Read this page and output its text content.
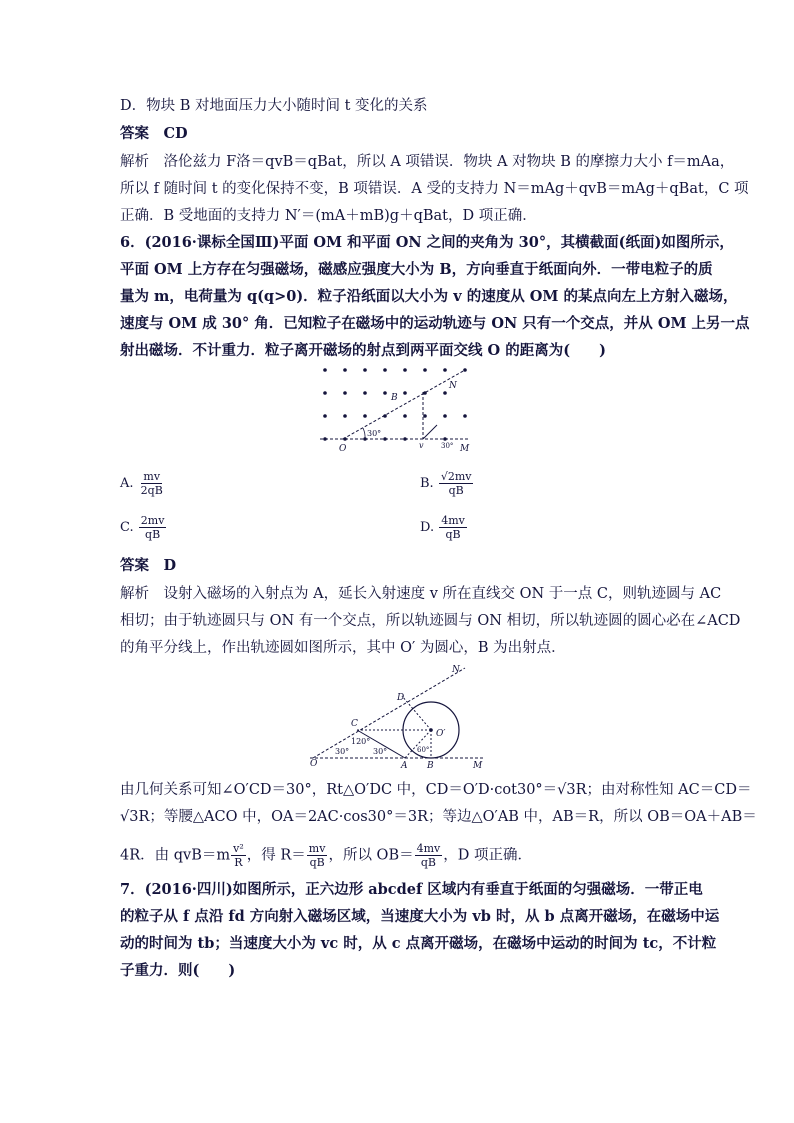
D．物块 B 对地面压力大小随时间 t 变化的关系
答案　CD
解析　洛伦兹力 F洛＝qvB＝qBat，所以 A 项错误．物块 A 对物块 B 的摩擦力大小 f＝mAa，
所以 f 随时间 t 的变化保持不变，B 项错误．A 受的支持力 N＝mAg＋qvB＝mAg＋qBat，C 项
正确．B 受地面的支持力 N′＝(mA＋mB)g＋qBat，D 项正确．
6．(2016·课标全国Ⅲ)平面 OM 和平面 ON 之间的夹角为 30°，其横截面(纸面)如图所示，
平面 OM 上方存在匀强磁场，磁感应强度大小为 B，方向垂直于纸面向外．一带电粒子的质
量为 m，电荷量为 q(q>0)．粒子沿纸面以大小为 v 的速度从 OM 的某点向左上方射入磁场，
速度与 OM 成 30° 角．已知粒子在磁场中的运动轨迹与 ON 只有一个交点，并从 OM 上另一点
射出磁场．不计重力．粒子离开磁场的射点到两平面交线 O 的距离为(　　)
O	M
N
B
v
30°
30°
A. $\frac{mv}{2qB}$	B. $\frac{√2mv}{qB}$
C. $\frac{2mv}{qB}$	D. $\frac{4mv}{qB}$
答案　D
解析　设射入磁场的入射点为 A，延长入射速度 v 所在直线交 ON 于一点 C，则轨迹圆与 AC
相切；由于轨迹圆只与 ON 有一个交点，所以轨迹圆与 ON 相切，所以轨迹圆的圆心必在∠ACD
的角平分线上，作出轨迹圆如图所示，其中 O′ 为圆心，B 为出射点．
O	M
N
A B
C
D
O′
30°	30°
120°
60°
由几何关系可知∠O′CD＝30°，Rt△O′DC 中，CD＝O′D·cot30°＝√3R；由对称性知 AC＝CD＝
√3R；等腰△ACO 中，OA＝2AC·cos30°＝3R；等边△O′AB 中，AB＝R，所以 OB＝OA＋AB＝
4R．由 $qvB=m \frac{\text{v²}}{R}$ ，得 $R= \frac{mv}{qB}$ ，所以 $OB= \frac{4mv}{qB}$ ，D 项正确．
7．(2016·四川)如图所示，正六边形 abcdef 区域内有垂直于纸面的匀强磁场．一带正电
的粒子从 f 点沿 fd 方向射入磁场区域，当速度大小为 vb 时，从 b 点离开磁场，在磁场中运
动的时间为 tb；当速度大小为 vc 时，从 c 点离开磁场，在磁场中运动的时间为 tc，不计粒
子重力．则(　　)
